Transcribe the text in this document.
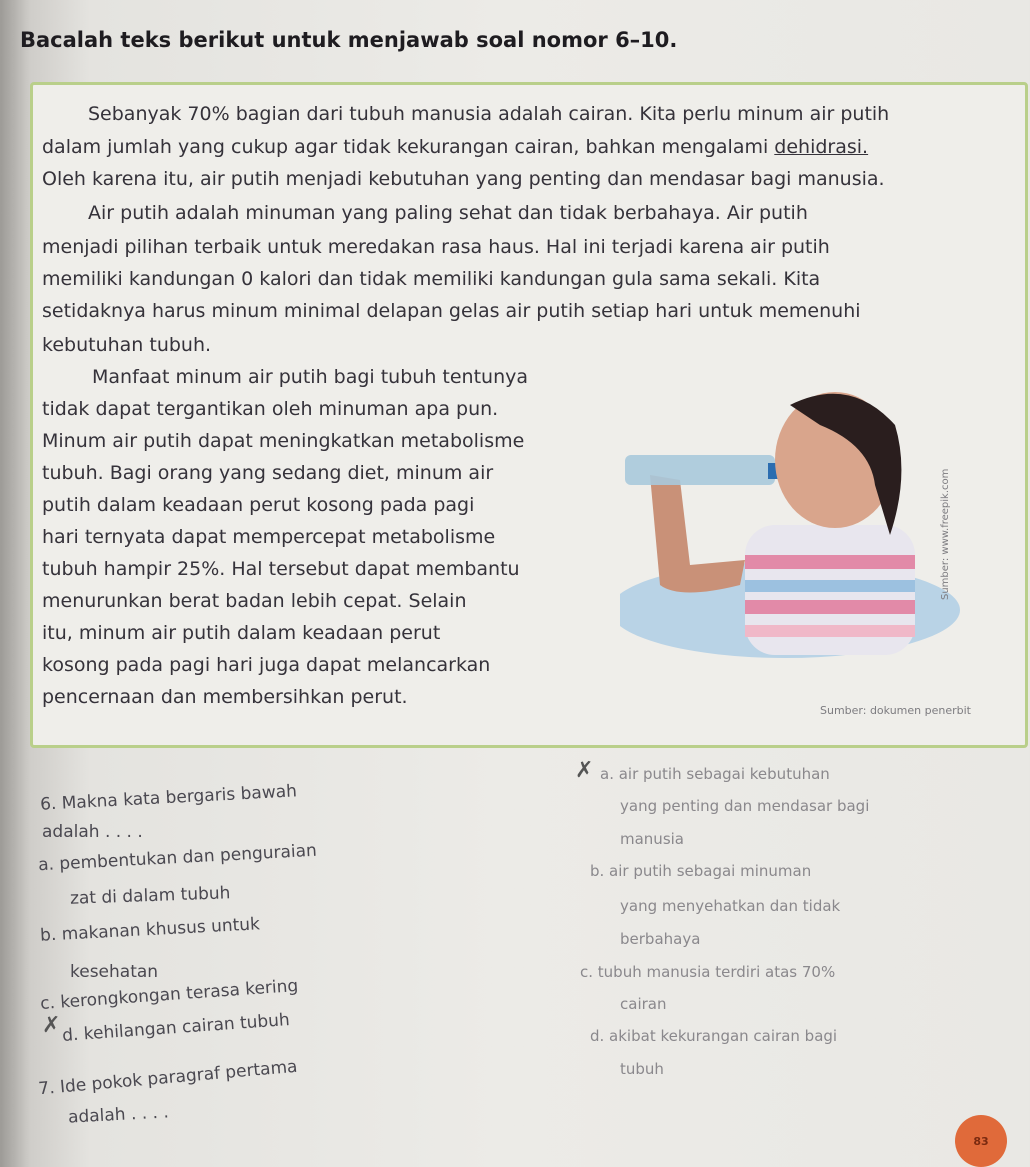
Bacalah teks berikut untuk menjawab soal nomor 6–10.
Sebanyak 70% bagian dari tubuh manusia adalah cairan. Kita perlu minum air putih
dalam jumlah yang cukup agar tidak kekurangan cairan, bahkan mengalami dehidrasi.
Oleh karena itu, air putih menjadi kebutuhan yang penting dan mendasar bagi manusia.
Air putih adalah minuman yang paling sehat dan tidak berbahaya. Air putih
menjadi pilihan terbaik untuk meredakan rasa haus. Hal ini terjadi karena air putih
memiliki kandungan 0 kalori dan tidak memiliki kandungan gula sama sekali. Kita
setidaknya harus minum minimal delapan gelas air putih setiap hari untuk memenuhi
kebutuhan tubuh.
Manfaat minum air putih bagi tubuh tentunya
tidak dapat tergantikan oleh minuman apa pun.
Minum air putih dapat meningkatkan metabolisme
tubuh. Bagi orang yang sedang diet, minum air
putih dalam keadaan perut kosong pada pagi
hari ternyata dapat mempercepat metabolisme
tubuh hampir 25%. Hal tersebut dapat membantu
menurunkan berat badan lebih cepat. Selain
itu, minum air putih dalam keadaan perut
kosong pada pagi hari juga dapat melancarkan
pencernaan dan membersihkan perut.
Sumber: www.freepik.com
Sumber: dokumen penerbit
6. Makna kata bergaris bawah
adalah . . . .
a. pembentukan dan penguraian
zat di dalam tubuh
b. makanan khusus untuk
kesehatan
c. kerongkongan terasa kering
d. kehilangan cairan tubuh
7. Ide pokok paragraf pertama
adalah . . . .
a. air putih sebagai kebutuhan
yang penting dan mendasar bagi
manusia
b. air putih sebagai minuman
yang menyehatkan dan tidak
berbahaya
c. tubuh manusia terdiri atas 70%
cairan
d. akibat kekurangan cairan bagi
tubuh
✗
✗
83
